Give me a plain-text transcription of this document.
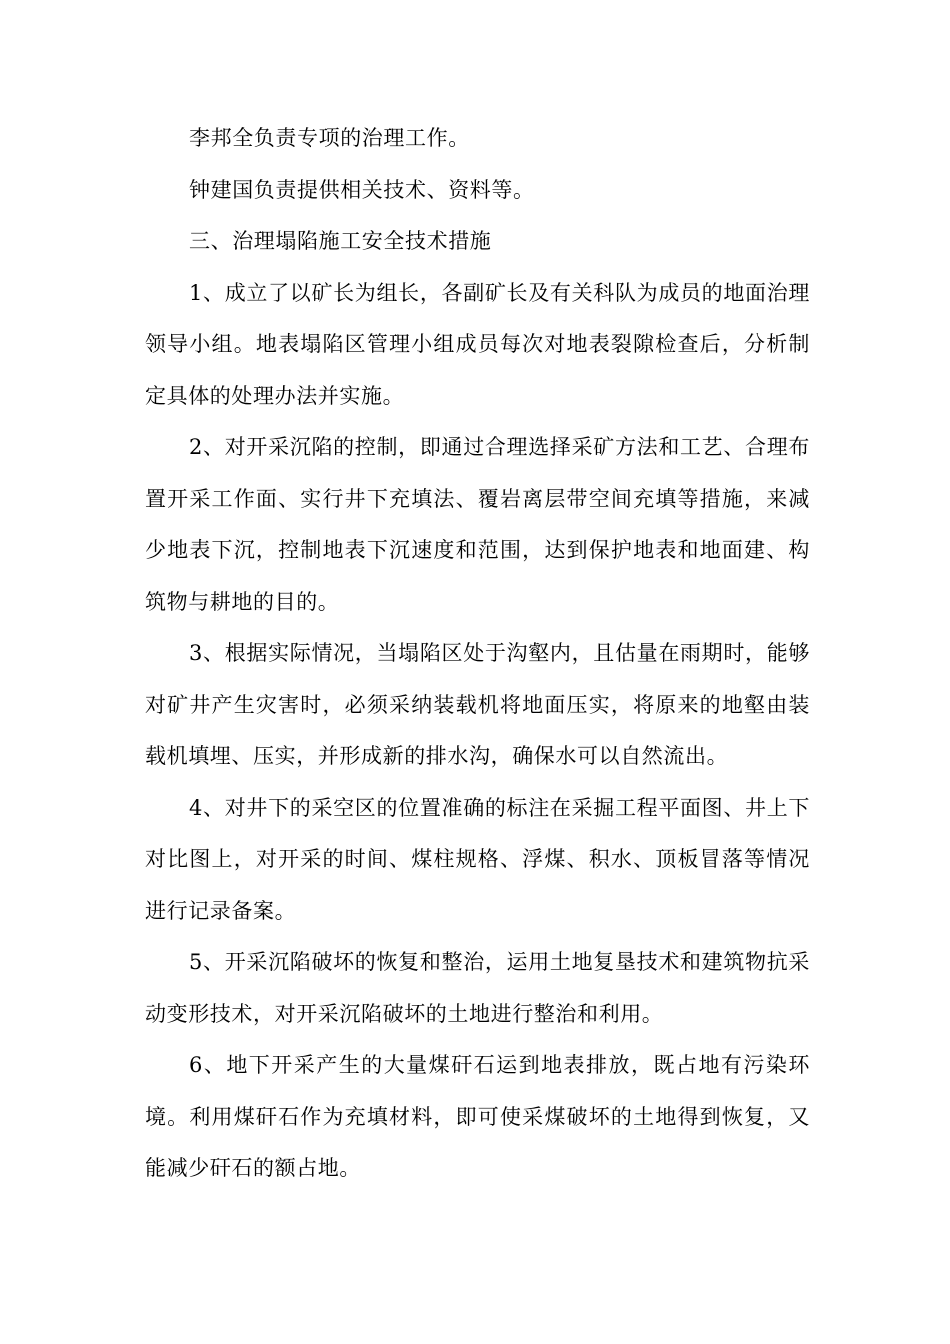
李邦全负责专项的治理工作。

钟建国负责提供相关技术、资料等。

三、治理塌陷施工安全技术措施

1、成立了以矿长为组长，各副矿长及有关科队为成员的地面治理领导小组。地表塌陷区管理小组成员每次对地表裂隙检查后，分析制定具体的处理办法并实施。

2、对开采沉陷的控制，即通过合理选择采矿方法和工艺、合理布置开采工作面、实行井下充填法、覆岩离层带空间充填等措施，来减少地表下沉，控制地表下沉速度和范围，达到保护地表和地面建、构筑物与耕地的目的。

3、根据实际情况，当塌陷区处于沟壑内，且估量在雨期时，能够对矿井产生灾害时，必须采纳装载机将地面压实，将原来的地壑由装载机填埋、压实，并形成新的排水沟，确保水可以自然流出。

4、对井下的采空区的位置准确的标注在采掘工程平面图、井上下对比图上，对开采的时间、煤柱规格、浮煤、积水、顶板冒落等情况进行记录备案。

5、开采沉陷破坏的恢复和整治，运用土地复垦技术和建筑物抗采动变形技术，对开采沉陷破坏的土地进行整治和利用。

6、地下开采产生的大量煤矸石运到地表排放，既占地有污染环境。利用煤矸石作为充填材料，即可使采煤破坏的土地得到恢复，又能减少矸石的额占地。
